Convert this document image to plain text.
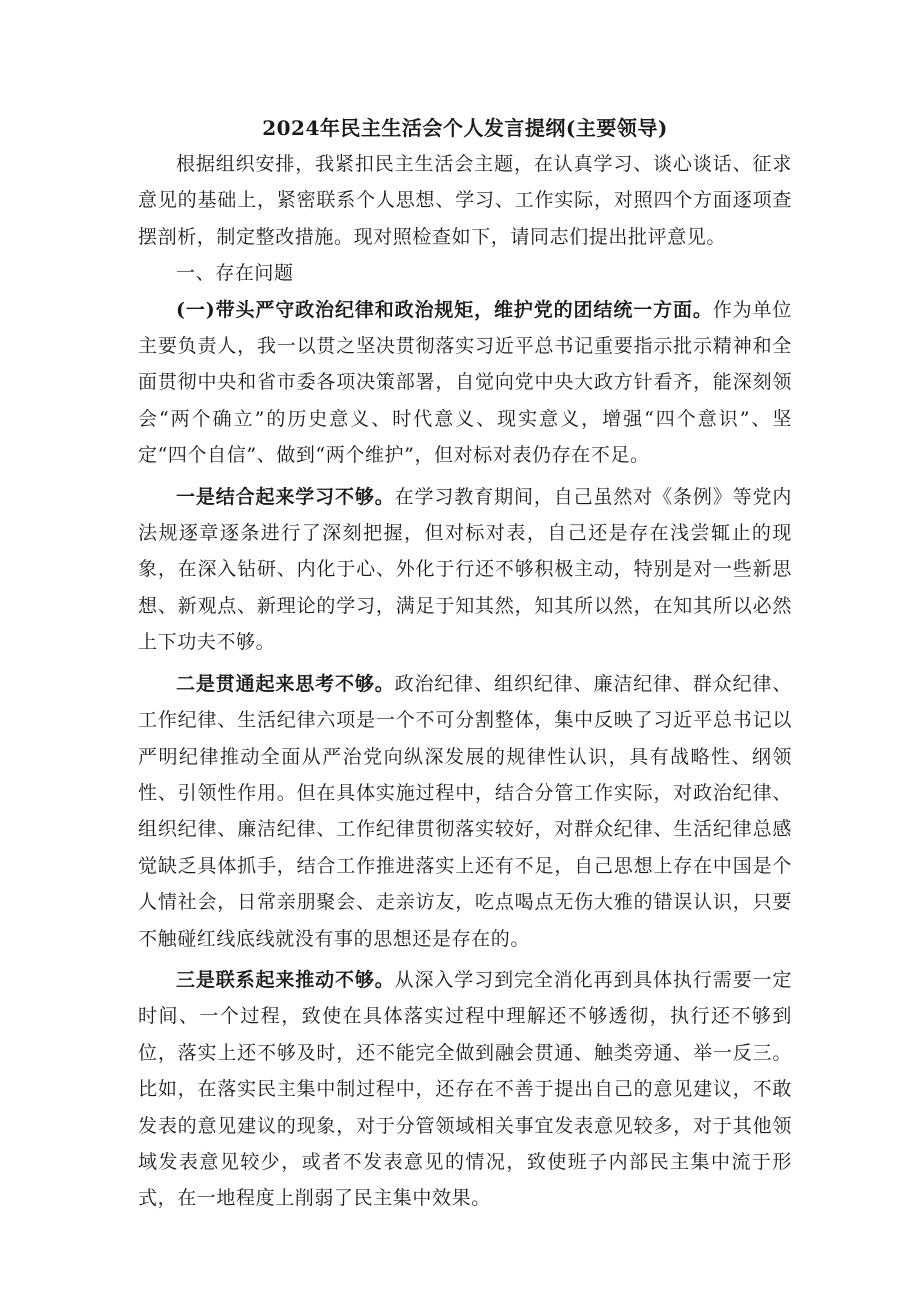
2024年民主生活会个人发言提纲(主要领导)

根据组织安排，我紧扣民主生活会主题，在认真学习、谈心谈话、征求意见的基础上，紧密联系个人思想、学习、工作实际，对照四个方面逐项查摆剖析，制定整改措施。现对照检查如下，请同志们提出批评意见。

一、存在问题

(一)带头严守政治纪律和政治规矩，维护党的团结统一方面。作为单位主要负责人，我一以贯之坚决贯彻落实习近平总书记重要指示批示精神和全面贯彻中央和省市委各项决策部署，自觉向党中央大政方针看齐，能深刻领会“两个确立”的历史意义、时代意义、现实意义，增强“四个意识”、坚定“四个自信”、做到“两个维护”，但对标对表仍存在不足。

一是结合起来学习不够。在学习教育期间，自己虽然对《条例》等党内法规逐章逐条进行了深刻把握，但对标对表，自己还是存在浅尝辄止的现象，在深入钻研、内化于心、外化于行还不够积极主动，特别是对一些新思想、新观点、新理论的学习，满足于知其然，知其所以然，在知其所以必然上下功夫不够。

二是贯通起来思考不够。政治纪律、组织纪律、廉洁纪律、群众纪律、工作纪律、生活纪律六项是一个不可分割整体，集中反映了习近平总书记以严明纪律推动全面从严治党向纵深发展的规律性认识，具有战略性、纲领性、引领性作用。但在具体实施过程中，结合分管工作实际，对政治纪律、组织纪律、廉洁纪律、工作纪律贯彻落实较好，对群众纪律、生活纪律总感觉缺乏具体抓手，结合工作推进落实上还有不足，自己思想上存在中国是个人情社会，日常亲朋聚会、走亲访友，吃点喝点无伤大雅的错误认识，只要不触碰红线底线就没有事的思想还是存在的。

三是联系起来推动不够。从深入学习到完全消化再到具体执行需要一定时间、一个过程，致使在具体落实过程中理解还不够透彻，执行还不够到位，落实上还不够及时，还不能完全做到融会贯通、触类旁通、举一反三。比如，在落实民主集中制过程中，还存在不善于提出自己的意见建议，不敢发表的意见建议的现象，对于分管领域相关事宜发表意见较多，对于其他领域发表意见较少，或者不发表意见的情况，致使班子内部民主集中流于形式，在一地程度上削弱了民主集中效果。
